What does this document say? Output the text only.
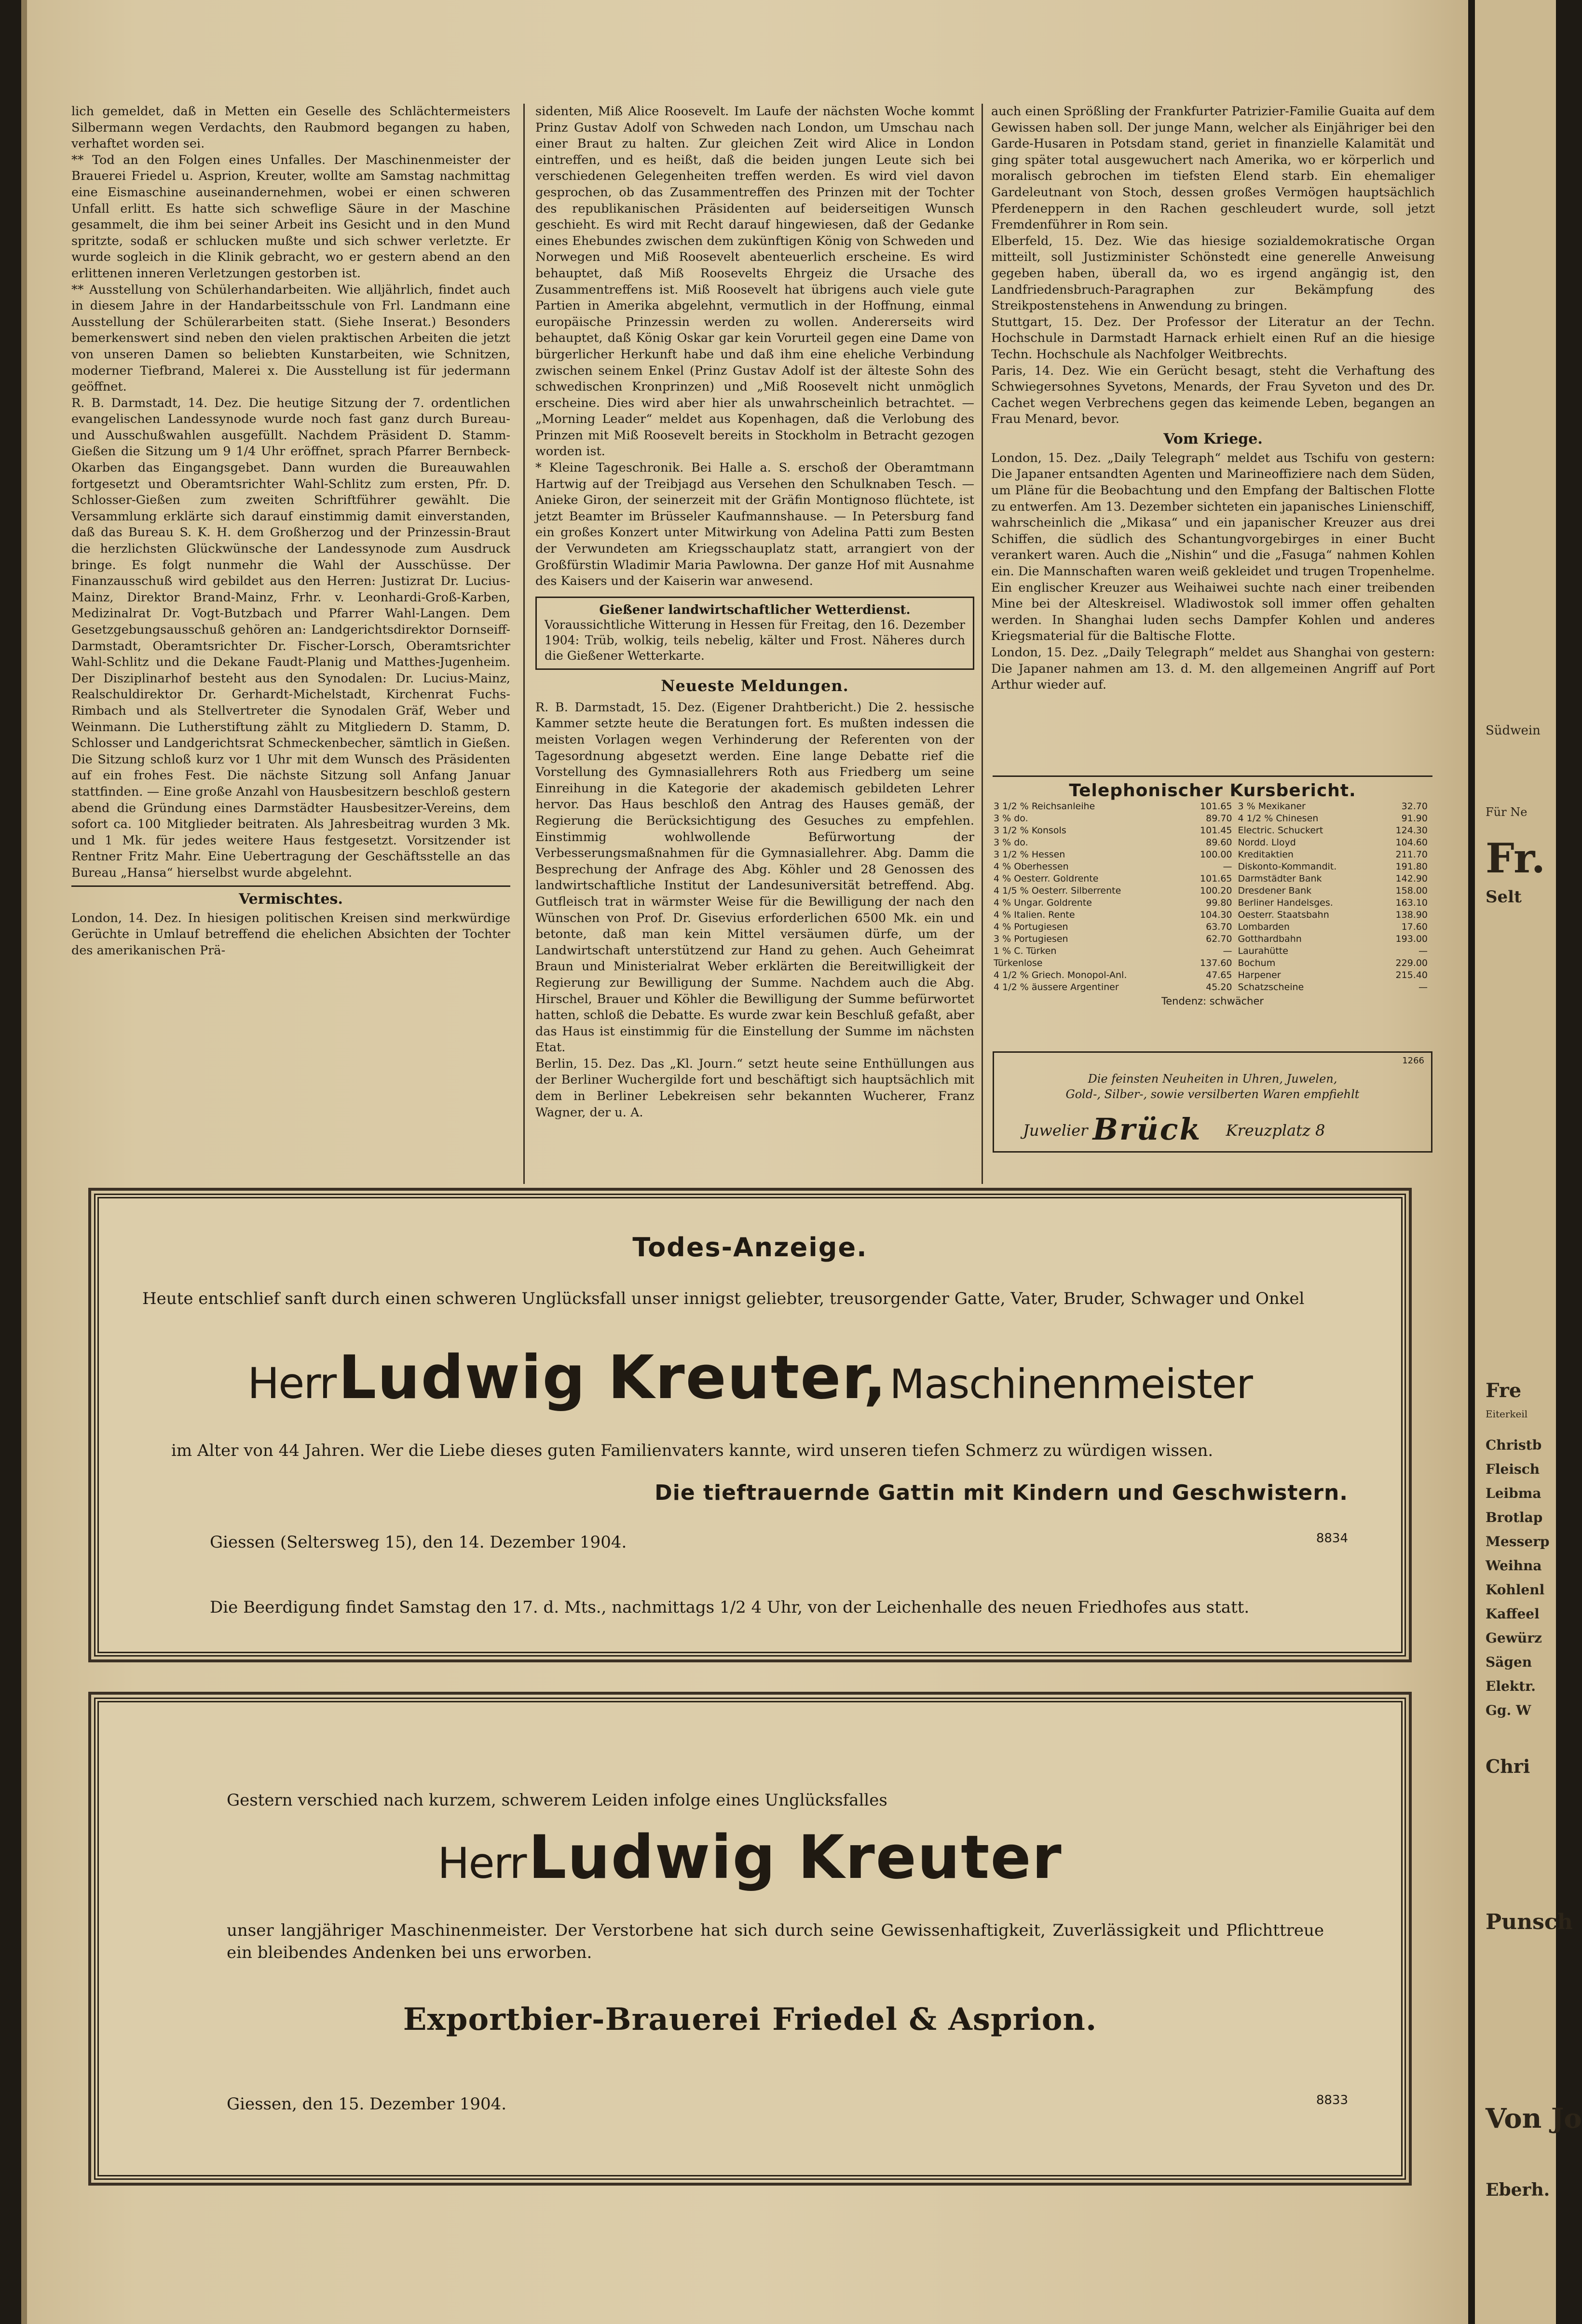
Südwein
Für Ne
Fr.
Selt
Fre
Eiterkeil
Christb
Fleisch
Leibma
Brotlap
Messerp
Weihna
Kohlenl
Kaffeel
Gewürz
Sägen
Elektr.
Gg. W
Chri
Punsch
Von Jo
Eberh.
lich gemeldet, daß in Metten ein Geselle des Schlächtermeisters Silbermann wegen Verdachts, den Raubmord begangen zu haben, verhaftet worden sei.
** Tod an den Folgen eines Unfalles. Der Maschinenmeister der Brauerei Friedel u. Asprion, Kreuter, wollte am Samstag nachmittag eine Eismaschine auseinandernehmen, wobei er einen schweren Unfall erlitt. Es hatte sich schweflige Säure in der Maschine gesammelt, die ihm bei seiner Arbeit ins Gesicht und in den Mund spritzte, sodaß er schlucken mußte und sich schwer verletzte. Er wurde sogleich in die Klinik gebracht, wo er gestern abend an den erlittenen inneren Verletzungen gestorben ist.
** Ausstellung von Schülerhandarbeiten. Wie alljährlich, findet auch in diesem Jahre in der Handarbeitsschule von Frl. Landmann eine Ausstellung der Schülerarbeiten statt. (Siehe Inserat.) Besonders bemerkenswert sind neben den vielen praktischen Arbeiten die jetzt von unseren Damen so beliebten Kunstarbeiten, wie Schnitzen, moderner Tiefbrand, Malerei x. Die Ausstellung ist für jedermann geöffnet.
R. B. Darmstadt, 14. Dez. Die heutige Sitzung der 7. ordentlichen evangelischen Landessynode wurde noch fast ganz durch Bureau- und Ausschußwahlen ausgefüllt. Nachdem Präsident D. Stamm-Gießen die Sitzung um 9 1/4 Uhr eröffnet, sprach Pfarrer Bernbeck-Okarben das Eingangsgebet. Dann wurden die Bureauwahlen fortgesetzt und Oberamtsrichter Wahl-Schlitz zum ersten, Pfr. D. Schlosser-Gießen zum zweiten Schriftführer gewählt. Die Versammlung erklärte sich darauf einstimmig damit einverstanden, daß das Bureau S. K. H. dem Großherzog und der Prinzessin-Braut die herzlichsten Glückwünsche der Landessynode zum Ausdruck bringe. Es folgt nunmehr die Wahl der Ausschüsse. Der Finanzausschuß wird gebildet aus den Herren: Justizrat Dr. Lucius-Mainz, Direktor Brand-Mainz, Frhr. v. Leonhardi-Groß-Karben, Medizinalrat Dr. Vogt-Butzbach und Pfarrer Wahl-Langen. Dem Gesetzgebungsausschuß gehören an: Landgerichtsdirektor Dornseiff-Darmstadt, Oberamtsrichter Dr. Fischer-Lorsch, Oberamtsrichter Wahl-Schlitz und die Dekane Faudt-Planig und Matthes-Jugenheim. Der Disziplinarhof besteht aus den Synodalen: Dr. Lucius-Mainz, Realschuldirektor Dr. Gerhardt-Michelstadt, Kirchenrat Fuchs-Rimbach und als Stellvertreter die Synodalen Gräf, Weber und Weinmann. Die Lutherstiftung zählt zu Mitgliedern D. Stamm, D. Schlosser und Landgerichtsrat Schmeckenbecher, sämtlich in Gießen. Die Sitzung schloß kurz vor 1 Uhr mit dem Wunsch des Präsidenten auf ein frohes Fest. Die nächste Sitzung soll Anfang Januar stattfinden. — Eine große Anzahl von Hausbesitzern beschloß gestern abend die Gründung eines Darmstädter Hausbesitzer-Vereins, dem sofort ca. 100 Mitglieder beitraten. Als Jahresbeitrag wurden 3 Mk. und 1 Mk. für jedes weitere Haus festgesetzt. Vorsitzender ist Rentner Fritz Mahr. Eine Uebertragung der Geschäftsstelle an das Bureau „Hansa“ hierselbst wurde abgelehnt.
Vermischtes.
London, 14. Dez. In hiesigen politischen Kreisen sind merkwürdige Gerüchte in Umlauf betreffend die ehelichen Absichten der Tochter des amerikanischen Prä-
sidenten, Miß Alice Roosevelt. Im Laufe der nächsten Woche kommt Prinz Gustav Adolf von Schweden nach London, um Umschau nach einer Braut zu halten. Zur gleichen Zeit wird Alice in London eintreffen, und es heißt, daß die beiden jungen Leute sich bei verschiedenen Gelegenheiten treffen werden. Es wird viel davon gesprochen, ob das Zusammentreffen des Prinzen mit der Tochter des republikanischen Präsidenten auf beiderseitigen Wunsch geschieht. Es wird mit Recht darauf hingewiesen, daß der Gedanke eines Ehebundes zwischen dem zukünftigen König von Schweden und Norwegen und Miß Roosevelt abenteuerlich erscheine. Es wird behauptet, daß Miß Roosevelts Ehrgeiz die Ursache des Zusammentreffens ist. Miß Roosevelt hat übrigens auch viele gute Partien in Amerika abgelehnt, vermutlich in der Hoffnung, einmal europäische Prinzessin werden zu wollen. Andererseits wird behauptet, daß König Oskar gar kein Vorurteil gegen eine Dame von bürgerlicher Herkunft habe und daß ihm eine eheliche Verbindung zwischen seinem Enkel (Prinz Gustav Adolf ist der älteste Sohn des schwedischen Kronprinzen) und „Miß Roosevelt nicht unmöglich erscheine. Dies wird aber hier als unwahrscheinlich betrachtet. — „Morning Leader“ meldet aus Kopenhagen, daß die Verlobung des Prinzen mit Miß Roosevelt bereits in Stockholm in Betracht gezogen worden ist.
* Kleine Tageschronik. Bei Halle a. S. erschoß der Oberamtmann Hartwig auf der Treibjagd aus Versehen den Schulknaben Tesch. — Anieke Giron, der seinerzeit mit der Gräfin Montignoso flüchtete, ist jetzt Beamter im Brüsseler Kaufmannshause. — In Petersburg fand ein großes Konzert unter Mitwirkung von Adelina Patti zum Besten der Verwundeten am Kriegsschauplatz statt, arrangiert von der Großfürstin Wladimir Maria Pawlowna. Der ganze Hof mit Ausnahme des Kaisers und der Kaiserin war anwesend.
Gießener landwirtschaftlicher Wetterdienst.
Voraussichtliche Witterung in Hessen für Freitag, den 16. Dezember 1904: Trüb, wolkig, teils nebelig, kälter und Frost. Näheres durch die Gießener Wetterkarte.
Neueste Meldungen.
R. B. Darmstadt, 15. Dez. (Eigener Drahtbericht.) Die 2. hessische Kammer setzte heute die Beratungen fort. Es mußten indessen die meisten Vorlagen wegen Verhinderung der Referenten von der Tagesordnung abgesetzt werden. Eine lange Debatte rief die Vorstellung des Gymnasiallehrers Roth aus Friedberg um seine Einreihung in die Kategorie der akademisch gebildeten Lehrer hervor. Das Haus beschloß den Antrag des Hauses gemäß, der Regierung die Berücksichtigung des Gesuches zu empfehlen. Einstimmig wohlwollende Befürwortung der Verbesserungsmaßnahmen für die Gymnasiallehrer. Abg. Damm die Besprechung der Anfrage des Abg. Köhler und 28 Genossen des landwirtschaftliche Institut der Landesuniversität betreffend. Abg. Gutfleisch trat in wärmster Weise für die Bewilligung der nach den Wünschen von Prof. Dr. Gisevius erforderlichen 6500 Mk. ein und betonte, daß man kein Mittel versäumen dürfe, um der Landwirtschaft unterstützend zur Hand zu gehen. Auch Geheimrat Braun und Ministerialrat Weber erklärten die Bereitwilligkeit der Regierung zur Bewilligung der Summe. Nachdem auch die Abg. Hirschel, Brauer und Köhler die Bewilligung der Summe befürwortet hatten, schloß die Debatte. Es wurde zwar kein Beschluß gefaßt, aber das Haus ist einstimmig für die Einstellung der Summe im nächsten Etat.
Berlin, 15. Dez. Das „Kl. Journ.“ setzt heute seine Enthüllungen aus der Berliner Wuchergilde fort und beschäftigt sich hauptsächlich mit dem in Berliner Lebekreisen sehr bekannten Wucherer, Franz Wagner, der u. A.
auch einen Sprößling der Frankfurter Patrizier-Familie Guaita auf dem Gewissen haben soll. Der junge Mann, welcher als Einjähriger bei den Garde-Husaren in Potsdam stand, geriet in finanzielle Kalamität und ging später total ausgewuchert nach Amerika, wo er körperlich und moralisch gebrochen im tiefsten Elend starb. Ein ehemaliger Gardeleutnant von Stoch, dessen großes Vermögen hauptsächlich Pferdeneppern in den Rachen geschleudert wurde, soll jetzt Fremdenführer in Rom sein.
Elberfeld, 15. Dez. Wie das hiesige sozialdemokratische Organ mitteilt, soll Justizminister Schönstedt eine generelle Anweisung gegeben haben, überall da, wo es irgend angängig ist, den Landfriedensbruch-Paragraphen zur Bekämpfung des Streikpostenstehens in Anwendung zu bringen.
Stuttgart, 15. Dez. Der Professor der Literatur an der Techn. Hochschule in Darmstadt Harnack erhielt einen Ruf an die hiesige Techn. Hochschule als Nachfolger Weitbrechts.
Paris, 14. Dez. Wie ein Gerücht besagt, steht die Verhaftung des Schwiegersohnes Syvetons, Menards, der Frau Syveton und des Dr. Cachet wegen Verbrechens gegen das keimende Leben, begangen an Frau Menard, bevor.
Vom Kriege.
London, 15. Dez. „Daily Telegraph“ meldet aus Tschifu von gestern: Die Japaner entsandten Agenten und Marineoffiziere nach dem Süden, um Pläne für die Beobachtung und den Empfang der Baltischen Flotte zu entwerfen. Am 13. Dezember sichteten ein japanisches Linienschiff, wahrscheinlich die „Mikasa“ und ein japanischer Kreuzer aus drei Schiffen, die südlich des Schantungvorgebirges in einer Bucht verankert waren. Auch die „Nishin“ und die „Fasuga“ nahmen Kohlen ein. Die Mannschaften waren weiß gekleidet und trugen Tropenhelme. Ein englischer Kreuzer aus Weihaiwei suchte nach einer treibenden Mine bei der Alteskreisel. Wladiwostok soll immer offen gehalten werden. In Shanghai luden sechs Dampfer Kohlen und anderes Kriegsmaterial für die Baltische Flotte.
London, 15. Dez. „Daily Telegraph“ meldet aus Shanghai von gestern: Die Japaner nahmen am 13. d. M. den allgemeinen Angriff auf Port Arthur wieder auf.
Telephonischer Kursbericht.
3 1/2 % Reichsanleihe	101.65	3 % Mexikaner	32.70
3 % do.	89.70	4 1/2 % Chinesen	91.90
3 1/2 % Konsols	101.45	Electric. Schuckert	124.30
3 % do.	89.60	Nordd. Lloyd	104.60
3 1/2 % Hessen	100.00	Kreditaktien	211.70
4 % Oberhessen	—	Diskonto-Kommandit.	191.80
4 % Oesterr. Goldrente	101.65	Darmstädter Bank	142.90
4 1/5 % Oesterr. Silberrente	100.20	Dresdener Bank	158.00
4 % Ungar. Goldrente	99.80	Berliner Handelsges.	163.10
4 % Italien. Rente	104.30	Oesterr. Staatsbahn	138.90
4 % Portugiesen	63.70	Lombarden	17.60
3 % Portugiesen	62.70	Gotthardbahn	193.00
1 % C. Türken	—	Laurahütte	—
Türkenlose	137.60	Bochum	229.00
4 1/2 % Griech. Monopol-Anl.	47.65	Harpener	215.40
4 1/2 % äussere Argentiner	45.20	Schatzscheine	—
Tendenz: schwächer
1266
Die feinsten Neuheiten in Uhren, Juwelen,
Gold-, Silber-, sowie versilberten Waren empfiehlt
Juwelier Brück Kreuzplatz 8
Todes-Anzeige.
Heute entschlief sanft durch einen schweren Unglücksfall unser innigst geliebter, treusorgender Gatte, Vater, Bruder, Schwager und Onkel
Herr Ludwig Kreuter, Maschinenmeister
im Alter von 44 Jahren. Wer die Liebe dieses guten Familienvaters kannte, wird unseren tiefen Schmerz zu würdigen wissen.
Die tieftrauernde Gattin mit Kindern und Geschwistern.
Giessen (Seltersweg 15), den 14. Dezember 1904.	8834
Die Beerdigung findet Samstag den 17. d. Mts., nachmittags 1/2 4 Uhr, von der Leichenhalle des neuen Friedhofes aus statt.
Gestern verschied nach kurzem, schwerem Leiden infolge eines Unglücksfalles
Herr Ludwig Kreuter
unser langjähriger Maschinenmeister. Der Verstorbene hat sich durch seine Gewissenhaftigkeit, Zuverlässigkeit und Pflichttreue ein bleibendes Andenken bei uns erworben.
Exportbier-Brauerei Friedel & Asprion.
Giessen, den 15. Dezember 1904.	8833
